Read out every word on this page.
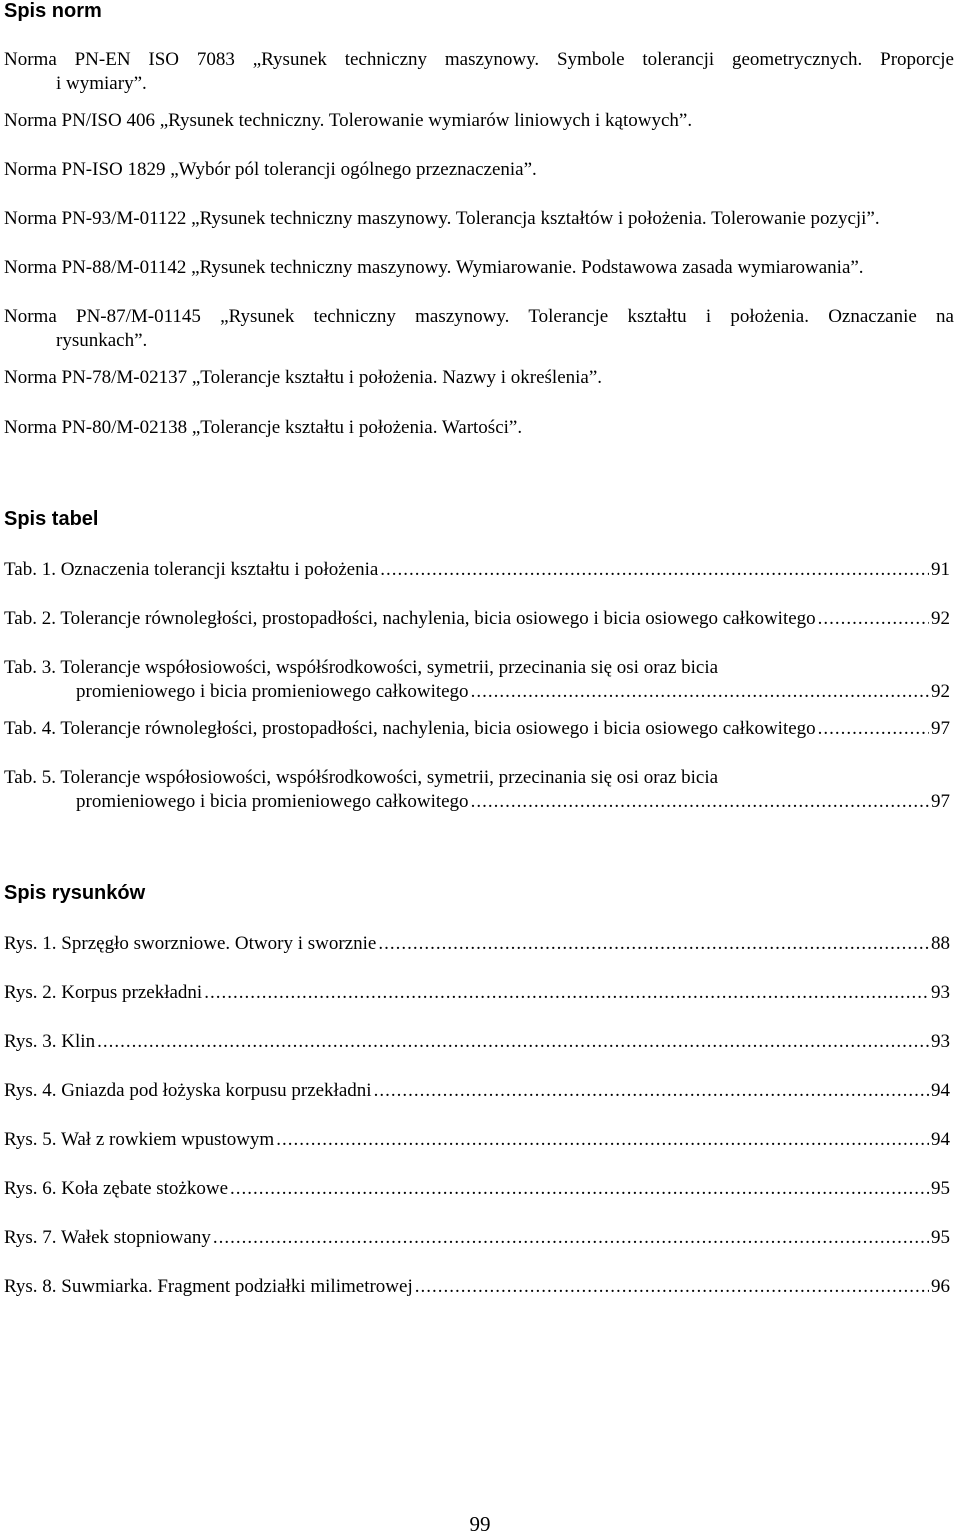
Spis norm

Norma PN-EN ISO 7083 „Rysunek techniczny maszynowy. Symbole tolerancji geometrycznych. Proporcje

i wymiary”.

Norma PN/ISO 406 „Rysunek techniczny. Tolerowanie wymiarów liniowych i kątowych”.

Norma PN-ISO 1829 „Wybór pól tolerancji ogólnego przeznaczenia”.

Norma PN-93/M-01122 „Rysunek techniczny maszynowy. Tolerancja kształtów i położenia. Tolerowanie pozycji”.

Norma PN-88/M-01142 „Rysunek techniczny maszynowy. Wymiarowanie. Podstawowa zasada wymiarowania”.

Norma PN-87/M-01145 „Rysunek techniczny maszynowy. Tolerancje kształtu i położenia. Oznaczanie na

rysunkach”.

Norma PN-78/M-02137 „Tolerancje kształtu i położenia. Nazwy i określenia”.

Norma PN-80/M-02138 „Tolerancje kształtu i położenia. Wartości”.

Spis tabel
Tab. 1. Oznaczenia tolerancji kształtu i położenia .....	91
Tab. 2. Tolerancje równoległości, prostopadłości, nachylenia, bicia osiowego i bicia osiowego całkowitego .....	92
Tab. 3. Tolerancje współosiowości, współśrodkowości, symetrii, przecinania się osi oraz bicia
promieniowego i bicia promieniowego całkowitego .....	92
Tab. 4. Tolerancje równoległości, prostopadłości, nachylenia, bicia osiowego i bicia osiowego całkowitego .....	97
Tab. 5. Tolerancje współosiowości, współśrodkowości, symetrii, przecinania się osi oraz bicia
promieniowego i bicia promieniowego całkowitego .....	97
Spis rysunków
Rys. 1. Sprzęgło sworzniowe. Otwory i sworznie .....	88
Rys. 2. Korpus przekładni .....	93
Rys. 3. Klin .....	93
Rys. 4. Gniazda pod łożyska korpusu przekładni .....	94
Rys. 5. Wał z rowkiem wpustowym .....	94
Rys. 6. Koła zębate stożkowe .....	95
Rys. 7. Wałek stopniowany .....	95
Rys. 8. Suwmiarka. Fragment podziałki milimetrowej .....	96
99
